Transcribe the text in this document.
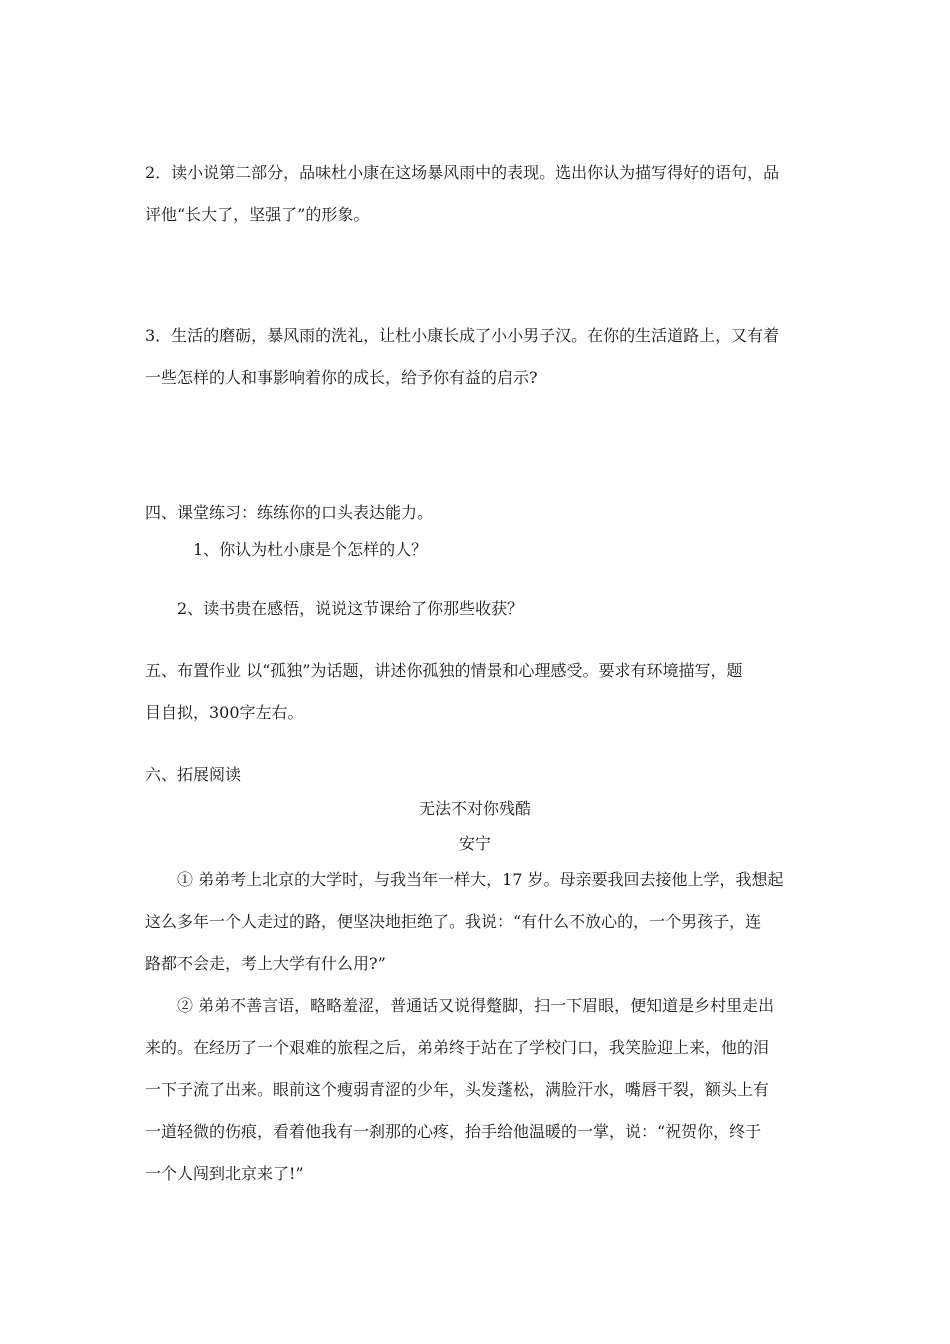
2．读小说第二部分，品味杜小康在这场暴风雨中的表现。选出你认为描写得好的语句，品
评他“长大了，坚强了”的形象。
3．生活的磨砺，暴风雨的洗礼，让杜小康长成了小小男子汉。在你的生活道路上，又有着
一些怎样的人和事影响着你的成长，给予你有益的启示?
四、课堂练习：练练你的口头表达能力。
1、你认为杜小康是个怎样的人？
2、读书贵在感悟，说说这节课给了你那些收获？
五、布置作业 以“孤独”为话题，讲述你孤独的情景和心理感受。要求有环境描写，题
目自拟，300字左右。
六、拓展阅读
无法不对你残酷
安宁
① 弟弟考上北京的大学时，与我当年一样大，17 岁。母亲要我回去接他上学，我想起
这么多年一个人走过的路，便坚决地拒绝了。我说：“有什么不放心的，一个男孩子，连
路都不会走，考上大学有什么用?”
② 弟弟不善言语，略略羞涩，普通话又说得蹩脚，扫一下眉眼，便知道是乡村里走出
来的。在经历了一个艰难的旅程之后，弟弟终于站在了学校门口，我笑脸迎上来，他的泪
一下子流了出来。眼前这个瘦弱青涩的少年，头发蓬松，满脸汗水，嘴唇干裂，额头上有
一道轻微的伤痕，看着他我有一刹那的心疼，抬手给他温暖的一掌，说：“祝贺你，终于
一个人闯到北京来了!”
